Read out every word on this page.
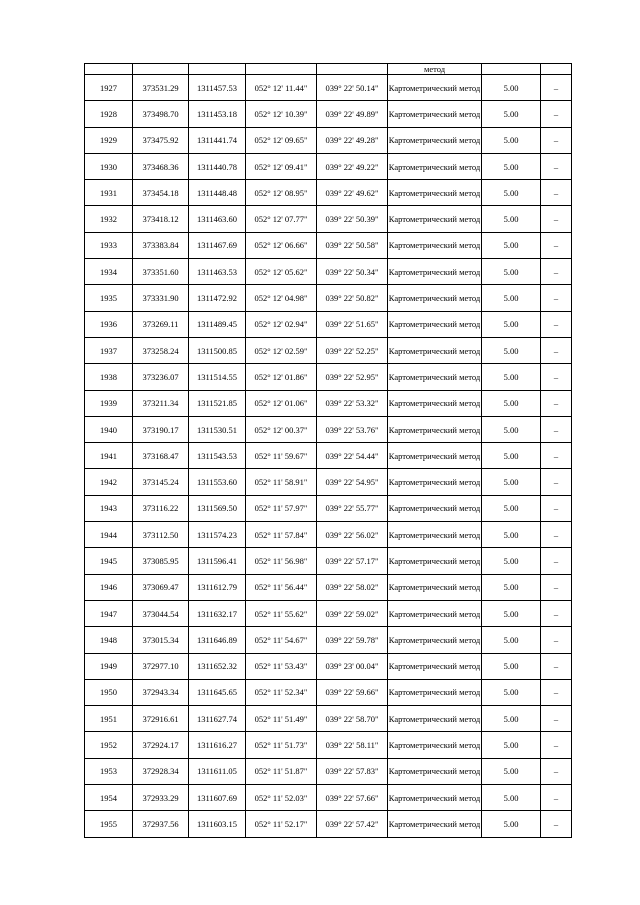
					метод		
1927	373531.29	1311457.53	052° 12' 11.44"	039° 22' 50.14"	Картометрический метод	5.00	–
1928	373498.70	1311453.18	052° 12' 10.39"	039° 22' 49.89"	Картометрический метод	5.00	–
1929	373475.92	1311441.74	052° 12' 09.65"	039° 22' 49.28"	Картометрический метод	5.00	–
1930	373468.36	1311440.78	052° 12' 09.41"	039° 22' 49.22"	Картометрический метод	5.00	–
1931	373454.18	1311448.48	052° 12' 08.95"	039° 22' 49.62"	Картометрический метод	5.00	–
1932	373418.12	1311463.60	052° 12' 07.77"	039° 22' 50.39"	Картометрический метод	5.00	–
1933	373383.84	1311467.69	052° 12' 06.66"	039° 22' 50.58"	Картометрический метод	5.00	–
1934	373351.60	1311463.53	052° 12' 05.62"	039° 22' 50.34"	Картометрический метод	5.00	–
1935	373331.90	1311472.92	052° 12' 04.98"	039° 22' 50.82"	Картометрический метод	5.00	–
1936	373269.11	1311489.45	052° 12' 02.94"	039° 22' 51.65"	Картометрический метод	5.00	–
1937	373258.24	1311500.85	052° 12' 02.59"	039° 22' 52.25"	Картометрический метод	5.00	–
1938	373236.07	1311514.55	052° 12' 01.86"	039° 22' 52.95"	Картометрический метод	5.00	–
1939	373211.34	1311521.85	052° 12' 01.06"	039° 22' 53.32"	Картометрический метод	5.00	–
1940	373190.17	1311530.51	052° 12' 00.37"	039° 22' 53.76"	Картометрический метод	5.00	–
1941	373168.47	1311543.53	052° 11' 59.67"	039° 22' 54.44"	Картометрический метод	5.00	–
1942	373145.24	1311553.60	052° 11' 58.91"	039° 22' 54.95"	Картометрический метод	5.00	–
1943	373116.22	1311569.50	052° 11' 57.97"	039° 22' 55.77"	Картометрический метод	5.00	–
1944	373112.50	1311574.23	052° 11' 57.84"	039° 22' 56.02"	Картометрический метод	5.00	–
1945	373085.95	1311596.41	052° 11' 56.98"	039° 22' 57.17"	Картометрический метод	5.00	–
1946	373069.47	1311612.79	052° 11' 56.44"	039° 22' 58.02"	Картометрический метод	5.00	–
1947	373044.54	1311632.17	052° 11' 55.62"	039° 22' 59.02"	Картометрический метод	5.00	–
1948	373015.34	1311646.89	052° 11' 54.67"	039° 22' 59.78"	Картометрический метод	5.00	–
1949	372977.10	1311652.32	052° 11' 53.43"	039° 23' 00.04"	Картометрический метод	5.00	–
1950	372943.34	1311645.65	052° 11' 52.34"	039° 22' 59.66"	Картометрический метод	5.00	–
1951	372916.61	1311627.74	052° 11' 51.49"	039° 22' 58.70"	Картометрический метод	5.00	–
1952	372924.17	1311616.27	052° 11' 51.73"	039° 22' 58.11"	Картометрический метод	5.00	–
1953	372928.34	1311611.05	052° 11' 51.87"	039° 22' 57.83"	Картометрический метод	5.00	–
1954	372933.29	1311607.69	052° 11' 52.03"	039° 22' 57.66"	Картометрический метод	5.00	–
1955	372937.56	1311603.15	052° 11' 52.17"	039° 22' 57.42"	Картометрический метод	5.00	–
